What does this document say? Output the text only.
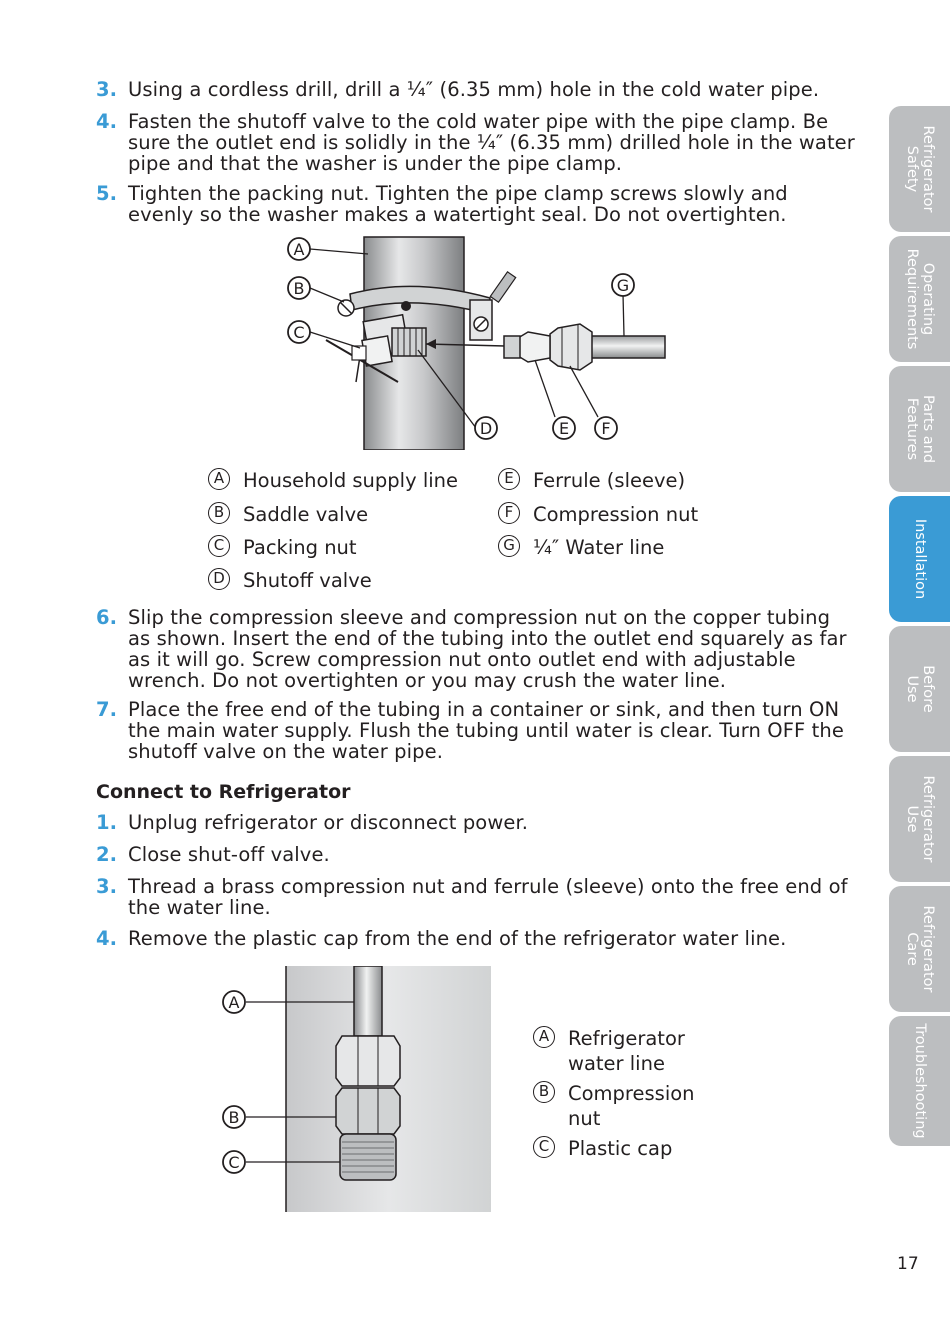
3. Using a cordless drill, drill a ¼″ (6.35 mm) hole in the cold water pipe.
4. Fasten the shutoff valve to the cold water pipe with the pipe clamp. Be sure the outlet end is solidly in the ¼″ (6.35 mm) drilled hole in the water pipe and that the washer is under the pipe clamp.
5. Tighten the packing nut. Tighten the pipe clamp screws slowly and evenly so the washer makes a watertight seal. Do not overtighten.
A
B
C
D	E F
G
A Household supply line
B Saddle valve
C Packing nut
D Shutoff valve
E Ferrule (sleeve)
F	Compression nut
G ¼″ Water line
6. Slip the compression sleeve and compression nut on the copper tubing as shown. Insert the end of the tubing into the outlet end squarely as far as it will go. Screw compression nut onto outlet end with adjustable wrench. Do not overtighten or you may crush the water line.
7. Place the free end of the tubing in a container or sink, and then turn ON the main water supply. Flush the tubing until water is clear. Turn OFF the shutoff valve on the water pipe.
Connect to Refrigerator
1. Unplug refrigerator or disconnect power.
2. Close shut-off valve.
3. Thread a brass compression nut and ferrule (sleeve) onto the free end of the water line.
4. Remove the plastic cap from the end of the refrigerator water line.
A
B
C
A Refrigerator
water line
B Compression
nut
C Plastic cap
Refrigerator
Safety
Operating
Requirements
Parts and
Features
Installation
Before
Use
Refrigerator
Use
Refrigerator
Care
Troubleshooting
17
